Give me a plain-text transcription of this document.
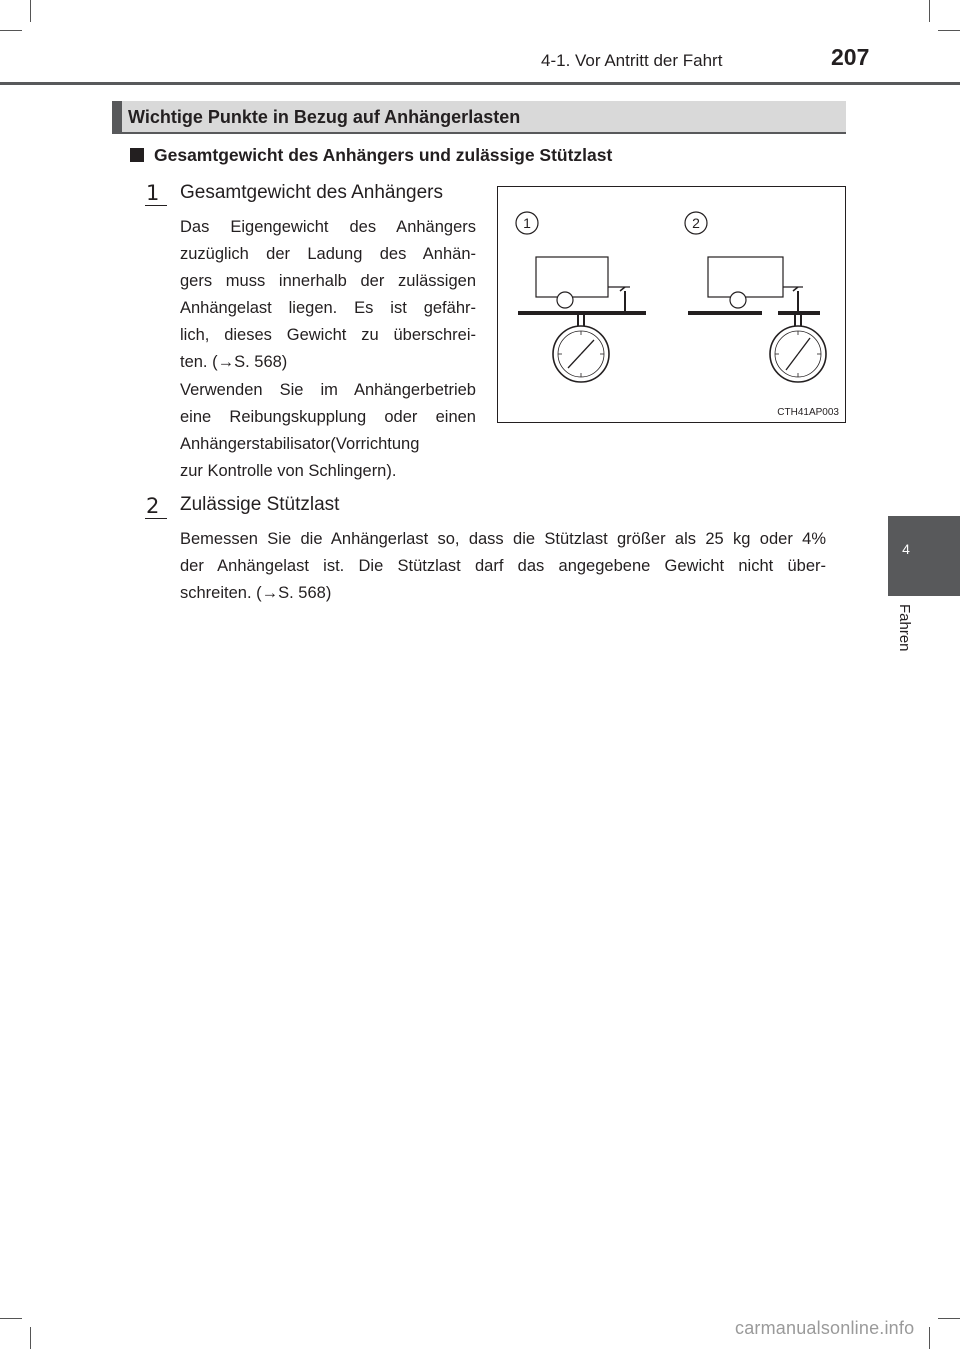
4-1. Vor Antritt der Fahrt	207
Wichtige Punkte in Bezug auf Anhängerlasten
Gesamtgewicht des Anhängers und zulässige Stützlast
1 Gesamtgewicht des Anhängers
Das Eigengewicht des Anhängers
zuzüglich der Ladung des Anhän-
gers muss innerhalb der zulässigen
Anhängelast liegen. Es ist gefähr-
lich, dieses Gewicht zu überschrei-
ten. (→S. 568)
Verwenden Sie im Anhängerbetrieb
eine Reibungskupplung oder einen
Anhängerstabilisator(Vorrichtung
zur Kontrolle von Schlingern).
1	2
CTH41AP003
2 Zulässige Stützlast
Bemessen Sie die Anhängerlast so, dass die Stützlast größer als 25 kg oder 4%
der Anhängelast ist. Die Stützlast darf das angegebene Gewicht nicht über-
schreiten. (→S. 568)
4
Fahren
carmanualsonline.info
